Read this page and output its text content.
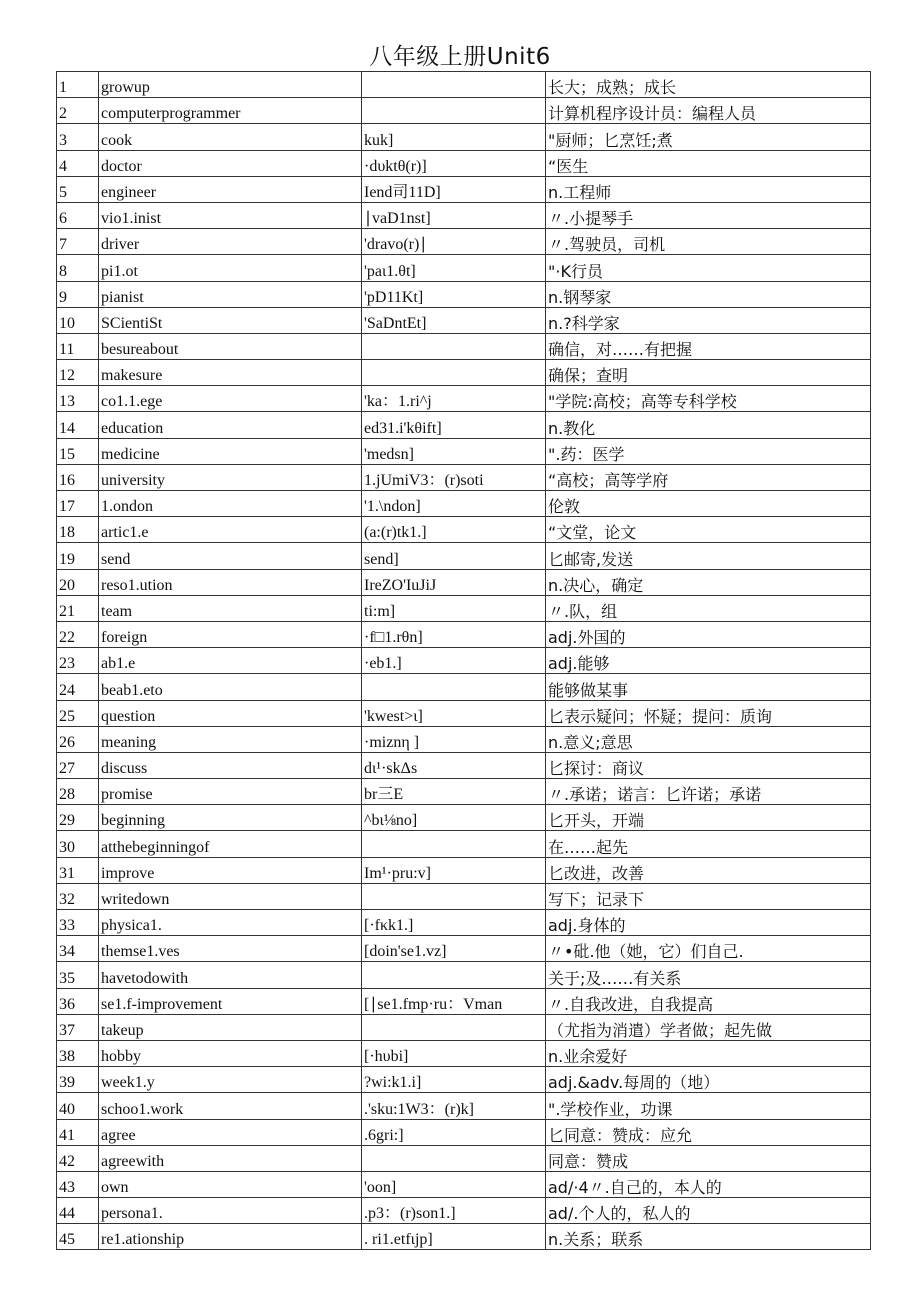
八年级上册Unit6
1	growup		长大；成熟；成长
2	computerprogrammer		计算机程序设计员：编程人员
3	cook	kuk]	"厨师；匕烹饪;煮
4	doctor	·dυktθ(r)]	“医生
5	engineer	Iend司11D]	n.工程师
6	vio1.inist	∣vaD1nst]	〃.小提琴手
7	driver	'dravo(r)∣	〃.驾驶员，司机
8	pi1.ot	'paι1.θt]	"·K行员
9	pianist	'pD11Kt]	n.钢琴家
10	SCientiSt	'SaDntEt]	n.?科学家
11	besureabout		确信，对……有把握
12	makesure		确保；查明
13	co1.1.ege	'ka：1.ri^j	"学院:高校；高等专科学校
14	education	ed31.i'kθift]	n.教化
15	medicine	'medsn]	".药：医学
16	university	1.jUmiV3：(r)soti	“高校；高等学府
17	1.ondon	'1.\ndon]	伦敦
18	artic1.e	(a:(r)tk1.]	“文堂，论文
19	send	send]	匕邮寄,发送
20	reso1.ution	IreZO'IuJiJ	n.决心，确定
21	team	ti:m]	〃.队，组
22	foreign	·f□1.rθn]	adj.外国的
23	ab1.e	·eb1.]	adj.能够
24	beab1.eto		能够做某事
25	question	'kwest>ι]	匕表示疑问；怀疑；提问：质询
26	meaning	·miznη ]	n.意义;意思
27	discuss	dι¹·skΔs	匕探讨：商议
28	promise	br三E	〃.承诺；诺言：匕许诺；承诺
29	beginning	^bι⅛no]	匕开头，开端
30	atthebeginningof		在……起先
31	improve	Im¹·pru:v]	匕改进，改善
32	writedown		写下；记录下
33	physica1.	[·fκk1.]	adj.身体的
34	themse1.ves	[doin'se1.vz]	〃•砒.他（她，它）们自己.
35	havetodowith		关于;及……有关系
36	se1.f-improvement	[∣se1.fmp·ru：Vman	〃.自我改进，自我提高
37	takeup		（尤指为消遣）学者做；起先做
38	hobby	[·hυbi]	n.业余爱好
39	week1.y	?wi:k1.i]	adj.&adv.每周的（地）
40	schoo1.work	.'sku:1W3：(r)k]	".学校作业，功课
41	agree	.6gri:]	匕同意：赞成：应允
42	agreewith		同意：赞成
43	own	'oon]	ad/·4〃.自己的，本人的
44	persona1.	.p3：(r)son1.]	ad/.个人的，私人的
45	re1.ationship	. ri1.etfιjp]	n.关系；联系
